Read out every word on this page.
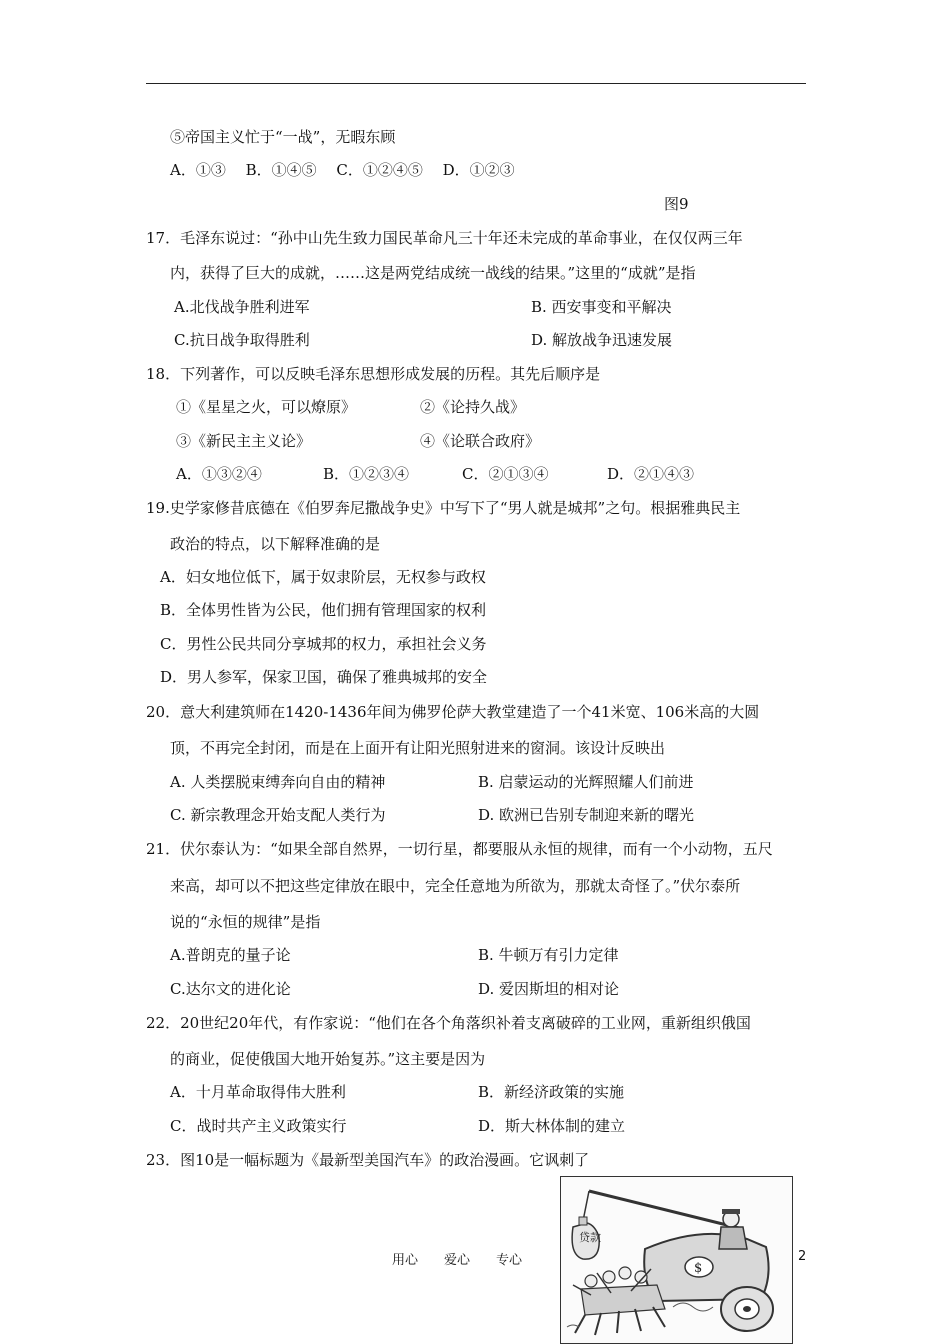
⑤帝国主义忙于“一战”，无暇东顾
A．①③　 B．①④⑤　 C．①②④⑤　 D．①②③
图9
17．毛泽东说过：“孙中山先生致力国民革命凡三十年还未完成的革命事业，在仅仅两三年
内，获得了巨大的成就，……这是两党结成统一战线的结果。”这里的“成就”是指
A.北伐战争胜利进军	B. 西安事变和平解决
C.抗日战争取得胜利	D. 解放战争迅速发展
18．下列著作，可以反映毛泽东思想形成发展的历程。其先后顺序是
①《星星之火，可以燎原》	②《论持久战》
③《新民主主义论》	④《论联合政府》
A．①③②④	B．①②③④	C．②①③④	D．②①④③
19.史学家修昔底德在《伯罗奔尼撒战争史》中写下了“男人就是城邦”之句。根据雅典民主
政治的特点，以下解释准确的是
A．妇女地位低下，属于奴隶阶层，无权参与政权
B．全体男性皆为公民，他们拥有管理国家的权利
C．男性公民共同分享城邦的权力，承担社会义务
D．男人参军，保家卫国，确保了雅典城邦的安全
20．意大利建筑师在1420-1436年间为佛罗伦萨大教堂建造了一个41米宽、106米高的大圆
顶，不再完全封闭，而是在上面开有让阳光照射进来的窗洞。该设计反映出
A. 人类摆脱束缚奔向自由的精神	B. 启蒙运动的光辉照耀人们前进
C. 新宗教理念开始支配人类行为	D. 欧洲已告别专制迎来新的曙光
21．伏尔泰认为：“如果全部自然界，一切行星，都要服从永恒的规律，而有一个小动物，五尺
来高，却可以不把这些定律放在眼中，完全任意地为所欲为，那就太奇怪了。”伏尔泰所
说的“永恒的规律”是指
A.普朗克的量子论	B. 牛顿万有引力定律
C.达尔文的进化论	D. 爱因斯坦的相对论
22．20世纪20年代，有作家说：“他们在各个角落织补着支离破碎的工业网，重新组织俄国
的商业，促使俄国大地开始复苏。”这主要是因为
A．十月革命取得伟大胜利	B．新经济政策的实施
C．战时共产主义政策实行	D．斯大林体制的建立
23．图10是一幅标题为《最新型美国汽车》的政治漫画。它讽刺了
贷款
$
用心　　爱心　　专心	2
